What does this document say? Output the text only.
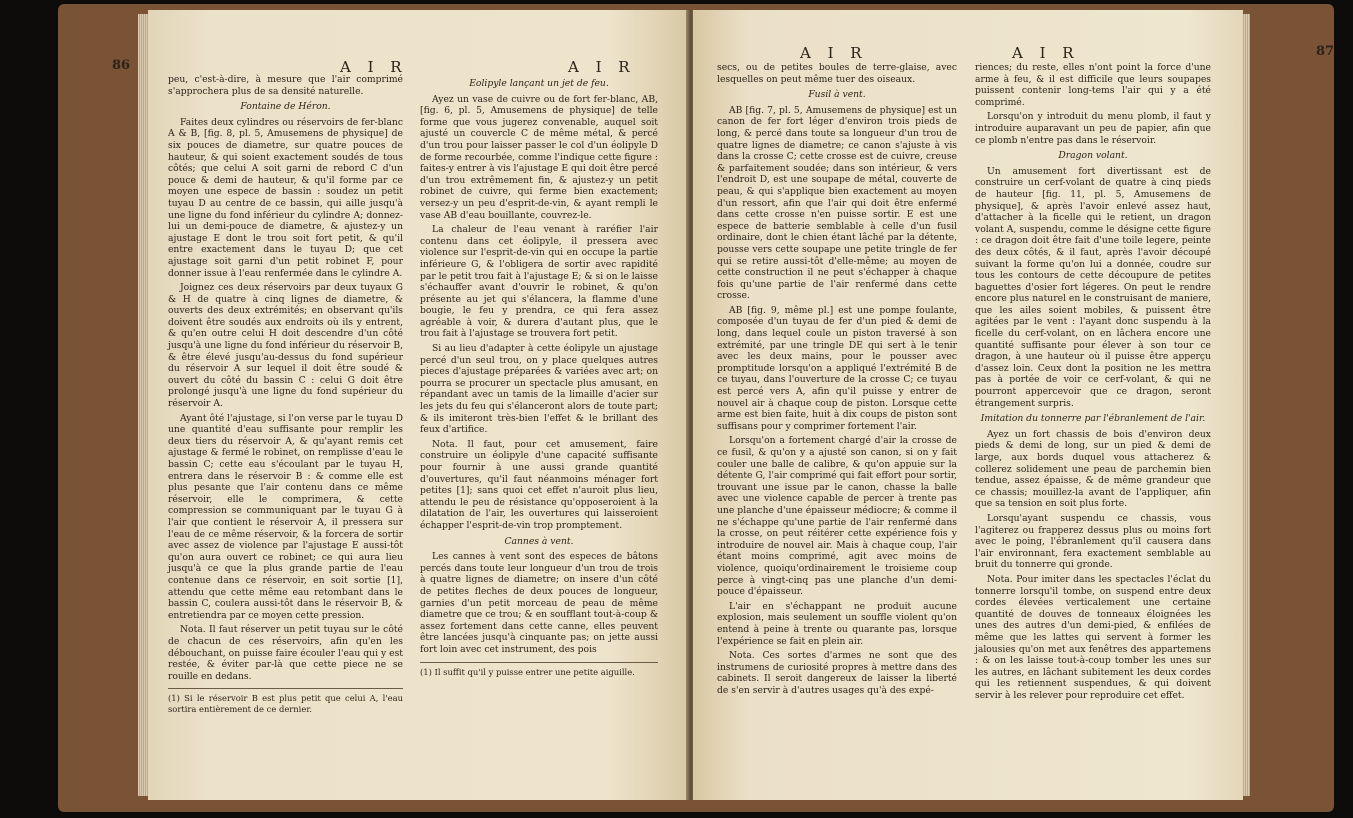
86	A I R	A I R

peu, c'est-à-dire, à mesure que l'air comprimé s'approchera plus de sa densité naturelle.

Fontaine de Héron.

Faites deux cylindres ou réservoirs de fer-blanc A & B, [fig. 8, pl. 5, Amusemens de physique] de six pouces de diametre, sur quatre pouces de hauteur, & qui soient exactement soudés de tous côtés; que celui A soit garni de rebord C d'un pouce & demi de hauteur, & qu'il forme par ce moyen une espece de bassin : soudez un petit tuyau D au centre de ce bassin, qui aille jusqu'à une ligne du fond inférieur du cylindre A; donnez-lui un demi-pouce de diametre, & ajustez-y un ajustage E dont le trou soit fort petit, & qu'il entre exactement dans le tuyau D; que cet ajustage soit garni d'un petit robinet F, pour donner issue à l'eau renfermée dans le cylindre A.

Joignez ces deux réservoirs par deux tuyaux G & H de quatre à cinq lignes de diametre, & ouverts des deux extrémités; en observant qu'ils doivent être soudés aux endroits où ils y entrent, & qu'en outre celui H doit descendre d'un côté jusqu'à une ligne du fond inférieur du réservoir B, & être élevé jusqu'au-dessus du fond supérieur du réservoir A sur lequel il doit être soudé & ouvert du côté du bassin C : celui G doit être prolongé jusqu'à une ligne du fond supérieur du réservoir A.

Ayant ôté l'ajustage, si l'on verse par le tuyau D une quantité d'eau suffisante pour remplir les deux tiers du réservoir A, & qu'ayant remis cet ajustage & fermé le robinet, on remplisse d'eau le bassin C; cette eau s'écoulant par le tuyau H, entrera dans le réservoir B : & comme elle est plus pesante que l'air contenu dans ce même réservoir, elle le comprimera, & cette compression se communiquant par le tuyau G à l'air que contient le réservoir A, il pressera sur l'eau de ce même réservoir, & la forcera de sortir avec assez de violence par l'ajustage E aussi-tôt qu'on aura ouvert ce robinet; ce qui aura lieu jusqu'à ce que la plus grande partie de l'eau contenue dans ce réservoir, en soit sortie [1], attendu que cette même eau retombant dans le bassin C, coulera aussi-tôt dans le réservoir B, & entretiendra par ce moyen cette pression.

Nota. Il faut réserver un petit tuyau sur le côté de chacun de ces réservoirs, afin qu'en les débouchant, on puisse faire écouler l'eau qui y est restée, & éviter par-là que cette piece ne se rouille en dedans.

(1) Si le réservoir B est plus petit que celui A, l'eau sortira entièrement de ce dernier.

Eolipyle lançant un jet de feu.

Ayez un vase de cuivre ou de fort fer-blanc, AB, [fig. 6, pl. 5, Amusemens de physique] de telle forme que vous jugerez convenable, auquel soit ajusté un couvercle C de même métal, & percé d'un trou pour laisser passer le col d'un éolipyle D de forme recourbée, comme l'indique cette figure : faites-y entrer à vis l'ajustage E qui doit être percé d'un trou extrêmement fin, & ajustez-y un petit robinet de cuivre, qui ferme bien exactement; versez-y un peu d'esprit-de-vin, & ayant rempli le vase AB d'eau bouillante, couvrez-le.

La chaleur de l'eau venant à raréfier l'air contenu dans cet éolipyle, il pressera avec violence sur l'esprit-de-vin qui en occupe la partie inférieure G, & l'obligera de sortir avec rapidité par le petit trou fait à l'ajustage E; & si on le laisse s'échauffer avant d'ouvrir le robinet, & qu'on présente au jet qui s'élancera, la flamme d'une bougie, le feu y prendra, ce qui fera assez agréable à voir, & durera d'autant plus, que le trou fait à l'ajustage se trouvera fort petit.

Si au lieu d'adapter à cette éolipyle un ajustage percé d'un seul trou, on y place quelques autres pieces d'ajustage préparées & variées avec art; on pourra se procurer un spectacle plus amusant, en répandant avec un tamis de la limaille d'acier sur les jets du feu qui s'élanceront alors de toute part; & ils imiteront très-bien l'effet & le brillant des feux d'artifice.

Nota. Il faut, pour cet amusement, faire construire un éolipyle d'une capacité suffisante pour fournir à une aussi grande quantité d'ouvertures, qu'il faut néanmoins ménager fort petites [1]; sans quoi cet effet n'auroit plus lieu, attendu le peu de résistance qu'opposeroient à la dilatation de l'air, les ouvertures qui laisseroient échapper l'esprit-de-vin trop promptement.

Cannes à vent.

Les cannes à vent sont des especes de bâtons percés dans toute leur longueur d'un trou de trois à quatre lignes de diametre; on insere d'un côté de petites fleches de deux pouces de longueur, garnies d'un petit morceau de peau de même diametre que ce trou; & en soufflant tout-à-coup & assez fortement dans cette canne, elles peuvent être lancées jusqu'à cinquante pas; on jette aussi fort loin avec cet instrument, des pois

(1) Il suffit qu'il y puisse entrer une petite aiguille.

87
A I R	A I R

secs, ou de petites boules de terre-glaise, avec lesquelles on peut même tuer des oiseaux.

Fusil à vent.

AB [fig. 7, pl. 5, Amusemens de physique] est un canon de fer fort léger d'environ trois pieds de long, & percé dans toute sa longueur d'un trou de quatre lignes de diametre; ce canon s'ajuste à vis dans la crosse C; cette crosse est de cuivre, creuse & parfaitement soudée; dans son intérieur, & vers l'endroit D, est une soupape de métal, couverte de peau, & qui s'applique bien exactement au moyen d'un ressort, afin que l'air qui doit être enfermé dans cette crosse n'en puisse sortir. E est une espece de batterie semblable à celle d'un fusil ordinaire, dont le chien étant lâché par la détente, pousse vers cette soupape une petite tringle de fer qui se retire aussi-tôt d'elle-même; au moyen de cette construction il ne peut s'échapper à chaque fois qu'une partie de l'air renfermé dans cette crosse.

AB [fig. 9, même pl.] est une pompe foulante, composée d'un tuyau de fer d'un pied & demi de long, dans lequel coule un piston traversé à son extrémité, par une tringle DE qui sert à le tenir avec les deux mains, pour le pousser avec promptitude lorsqu'on a appliqué l'extrémité B de ce tuyau, dans l'ouverture de la crosse C; ce tuyau est percé vers A, afin qu'il puisse y entrer de nouvel air à chaque coup de piston. Lorsque cette arme est bien faite, huit à dix coups de piston sont suffisans pour y comprimer fortement l'air.

Lorsqu'on a fortement chargé d'air la crosse de ce fusil, & qu'on y a ajusté son canon, si on y fait couler une balle de calibre, & qu'on appuie sur la détente G, l'air comprimé qui fait effort pour sortir, trouvant une issue par le canon, chasse la balle avec une violence capable de percer à trente pas une planche d'une épaisseur médiocre; & comme il ne s'échappe qu'une partie de l'air renfermé dans la crosse, on peut réitérer cette expérience fois y introduire de nouvel air. Mais à chaque coup, l'air étant moins comprimé, agit avec moins de violence, quoiqu'ordinairement le troisieme coup perce à vingt-cinq pas une planche d'un demi-pouce d'épaisseur.

L'air en s'échappant ne produit aucune explosion, mais seulement un souffle violent qu'on entend à peine à trente ou quarante pas, lorsque l'expérience se fait en plein air.

Nota. Ces sortes d'armes ne sont que des instrumens de curiosité propres à mettre dans des cabinets. Il seroit dangereux de laisser la liberté de s'en servir à d'autres usages qu'à des expé-

riences; du reste, elles n'ont point la force d'une arme à feu, & il est difficile que leurs soupapes puissent contenir long-tems l'air qui y a été comprimé.

Lorsqu'on y introduit du menu plomb, il faut y introduire auparavant un peu de papier, afin que ce plomb n'entre pas dans le réservoir.

Dragon volant.

Un amusement fort divertissant est de construire un cerf-volant de quatre à cinq pieds de hauteur [fig. 11, pl. 5, Amusemens de physique], & après l'avoir enlevé assez haut, d'attacher à la ficelle qui le retient, un dragon volant A, suspendu, comme le désigne cette figure : ce dragon doit être fait d'une toile legere, peinte des deux côtés, & il faut, après l'avoir découpé suivant la forme qu'on lui a donnée, coudre sur tous les contours de cette découpure de petites baguettes d'osier fort légeres. On peut le rendre encore plus naturel en le construisant de maniere, que les ailes soient mobiles, & puissent être agitées par le vent : l'ayant donc suspendu à la ficelle du cerf-volant, on en lâchera encore une quantité suffisante pour élever à son tour ce dragon, à une hauteur où il puisse être apperçu d'assez loin. Ceux dont la position ne les mettra pas à portée de voir ce cerf-volant, & qui ne pourront appercevoir que ce dragon, seront étrangement surpris.

Imitation du tonnerre par l'ébranlement de l'air.

Ayez un fort chassis de bois d'environ deux pieds & demi de long, sur un pied & demi de large, aux bords duquel vous attacherez & collerez solidement une peau de parchemin bien tendue, assez épaisse, & de même grandeur que ce chassis; mouillez-la avant de l'appliquer, afin que sa tension en soit plus forte.

Lorsqu'ayant suspendu ce chassis, vous l'agiterez ou frapperez dessus plus ou moins fort avec le poing, l'ébranlement qu'il causera dans l'air environnant, fera exactement semblable au bruit du tonnerre qui gronde.

Nota. Pour imiter dans les spectacles l'éclat du tonnerre lorsqu'il tombe, on suspend entre deux cordes élevées verticalement une certaine quantité de douves de tonneaux éloignées les unes des autres d'un demi-pied, & enfilées de même que les lattes qui servent à former les jalousies qu'on met aux fenêtres des appartemens : & on les laisse tout-à-coup tomber les unes sur les autres, en lâchant subitement les deux cordes qui les retiennent suspendues, & qui doivent servir à les relever pour reproduire cet effet.
